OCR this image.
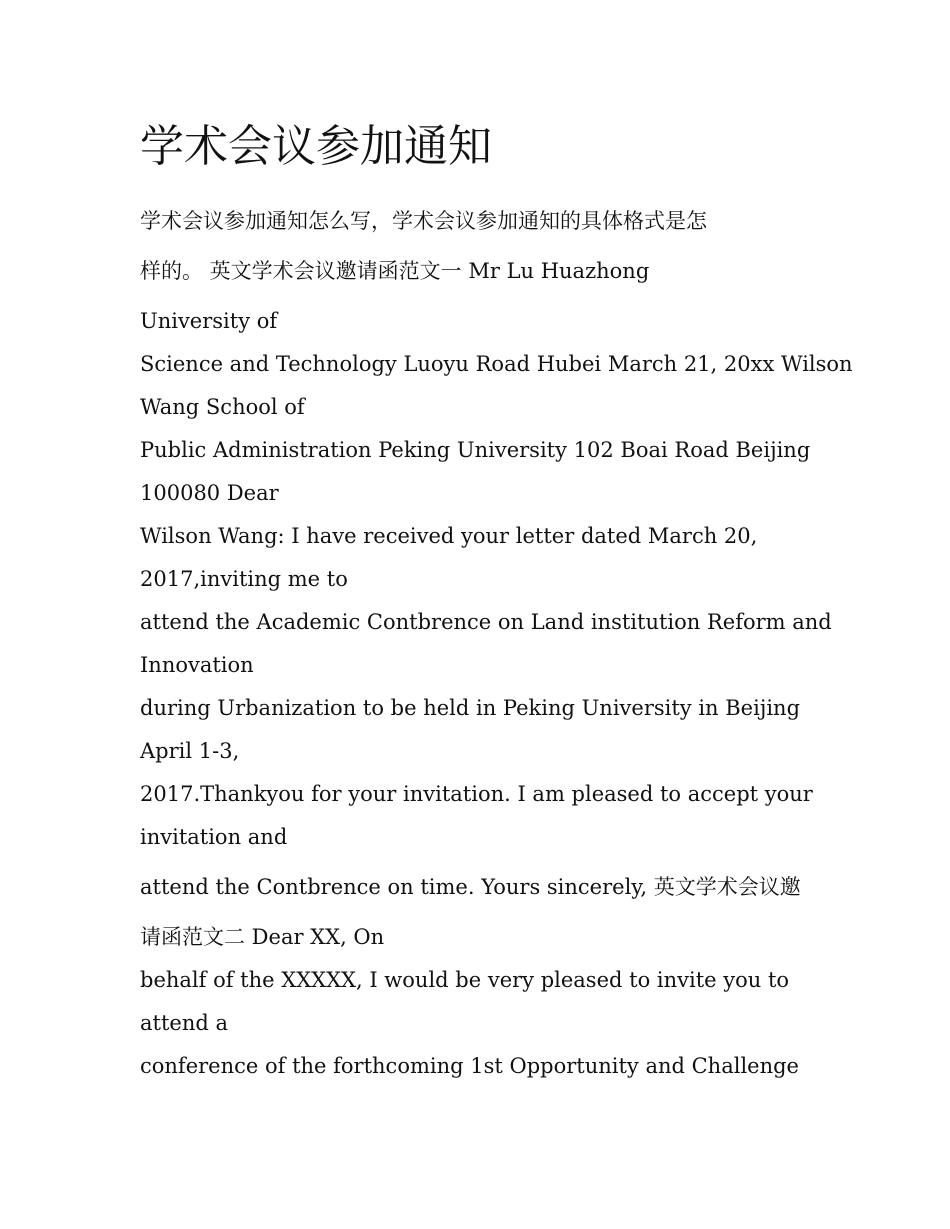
学术会议参加通知
学术会议参加通知怎么写，学术会议参加通知的具体格式是怎
样的。 英文学术会议邀请函范文一 Mr Lu Huazhong
University of
Science and Technology Luoyu Road Hubei March 21, 20xx Wilson
Wang School of
Public Administration Peking University 102 Boai Road Beijing
100080 Dear
Wilson Wang: I have received your letter dated March 20,
2017,inviting me to
attend the Academic Contbrence on Land institution Reform and
Innovation
during Urbanization to be held in Peking University in Beijing
April 1-3,
2017.Thankyou for your invitation. I am pleased to accept your
invitation and
attend the Contbrence on time. Yours sincerely, 英文学术会议邀
请函范文二 Dear XX, On
behalf of the XXXXX, I would be very pleased to invite you to
attend a
conference of the forthcoming 1st Opportunity and Challenge
